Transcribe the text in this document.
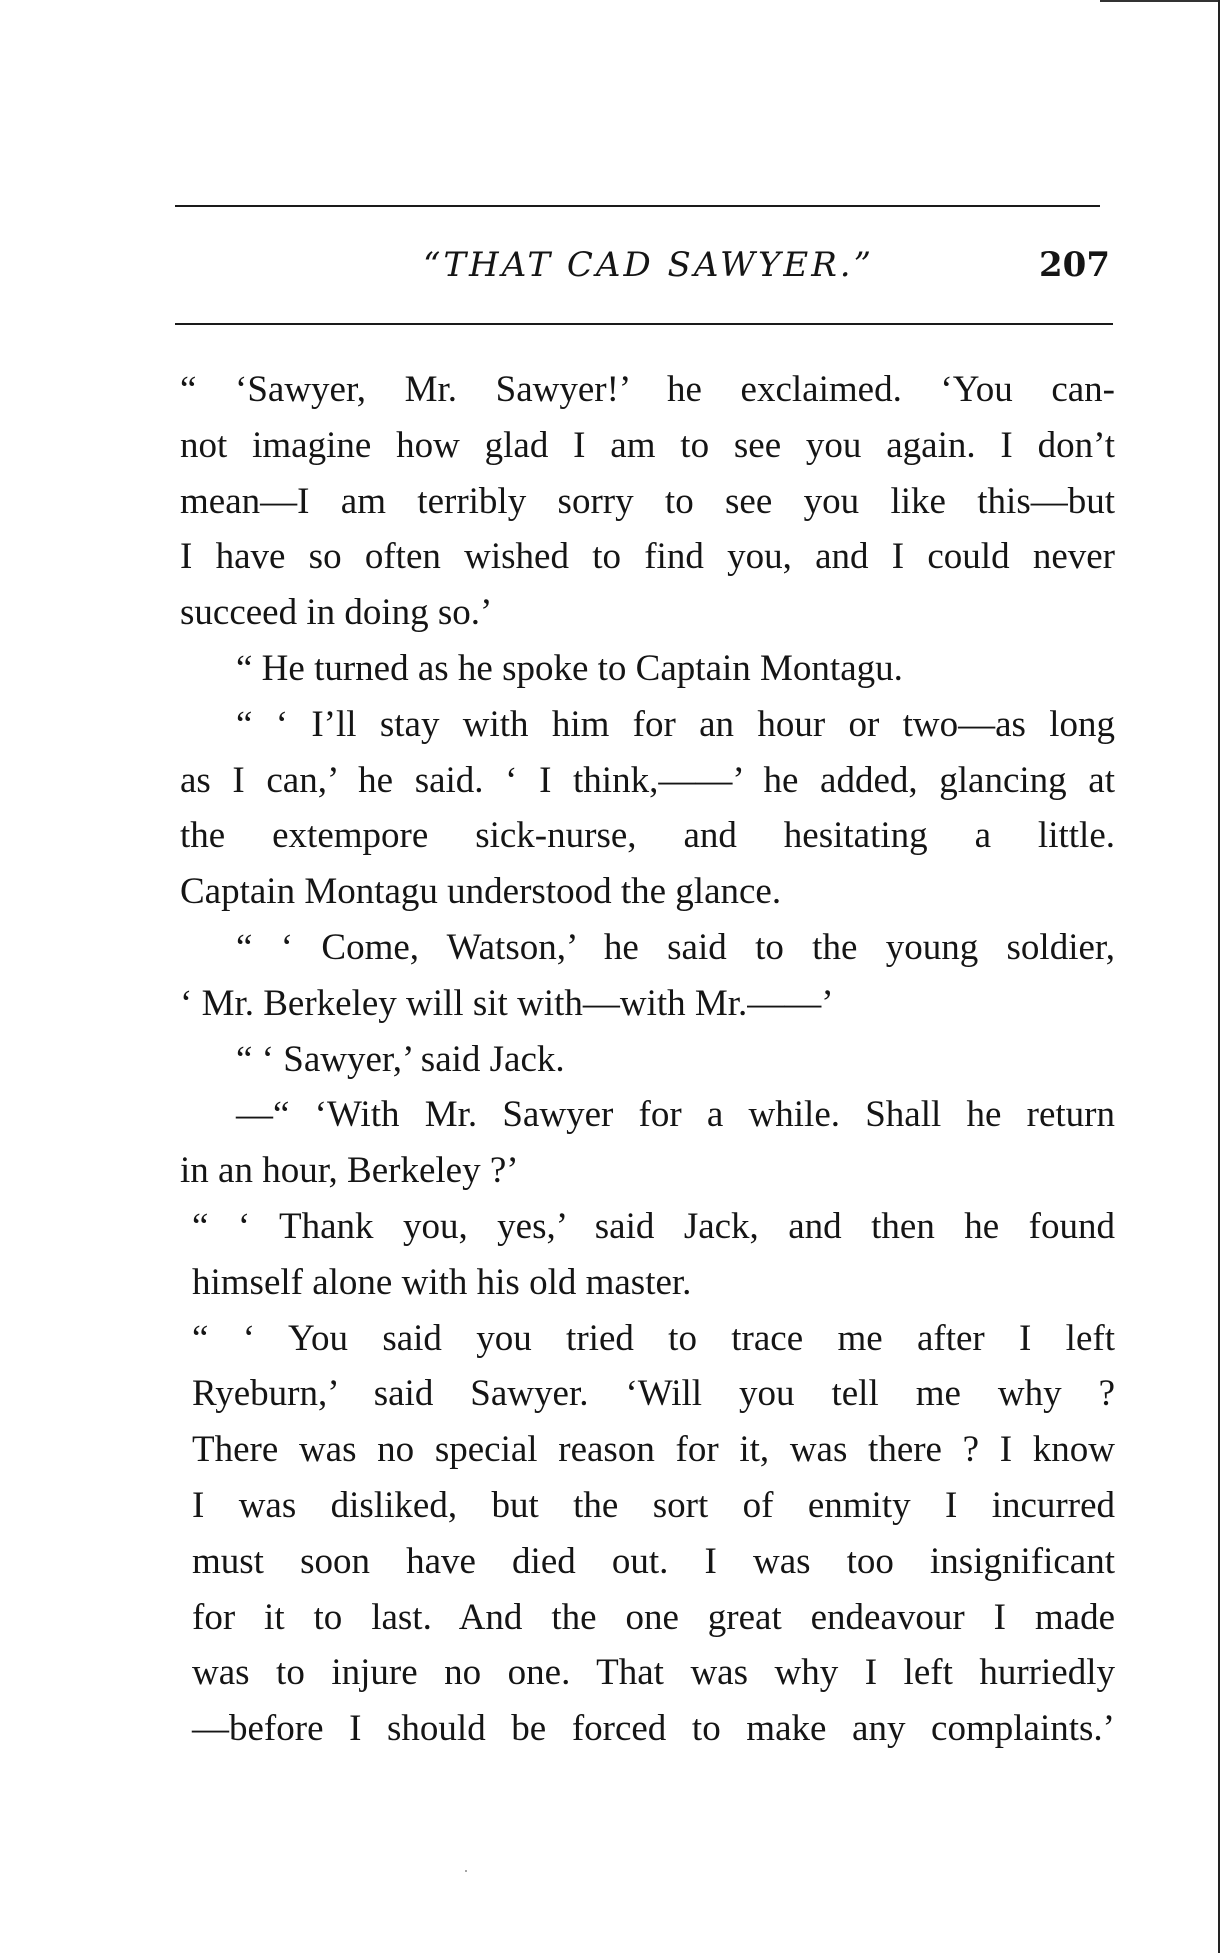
“THAT CAD SAWYER.”	207
“ ‘Sawyer, Mr. Sawyer!’ he exclaimed. ‘You can-
not imagine how glad I am to see you again. I don’t
mean—I am terribly sorry to see you like this—but
I have so often wished to find you, and I could never
succeed in doing so.’
“ He turned as he spoke to Captain Montagu.
“ ‘ I’ll stay with him for an hour or two—as long
as I can,’ he said. ‘ I think,——’ he added, glancing at
the extempore sick-nurse, and hesitating a little.
Captain Montagu understood the glance.
“ ‘ Come, Watson,’ he said to the young soldier,
‘ Mr. Berkeley will sit with—with Mr.——’
“ ‘ Sawyer,’ said Jack.
—“ ‘With Mr. Sawyer for a while. Shall he return
in an hour, Berkeley ?’
“ ‘ Thank you, yes,’ said Jack, and then he found
himself alone with his old master.
“ ‘ You said you tried to trace me after I left
Ryeburn,’ said Sawyer. ‘Will you tell me why ?
There was no special reason for it, was there ? I know
I was disliked, but the sort of enmity I incurred
must soon have died out. I was too insignificant
for it to last. And the one great endeavour I made
was to injure no one. That was why I left hurriedly
—before I should be forced to make any complaints.’
